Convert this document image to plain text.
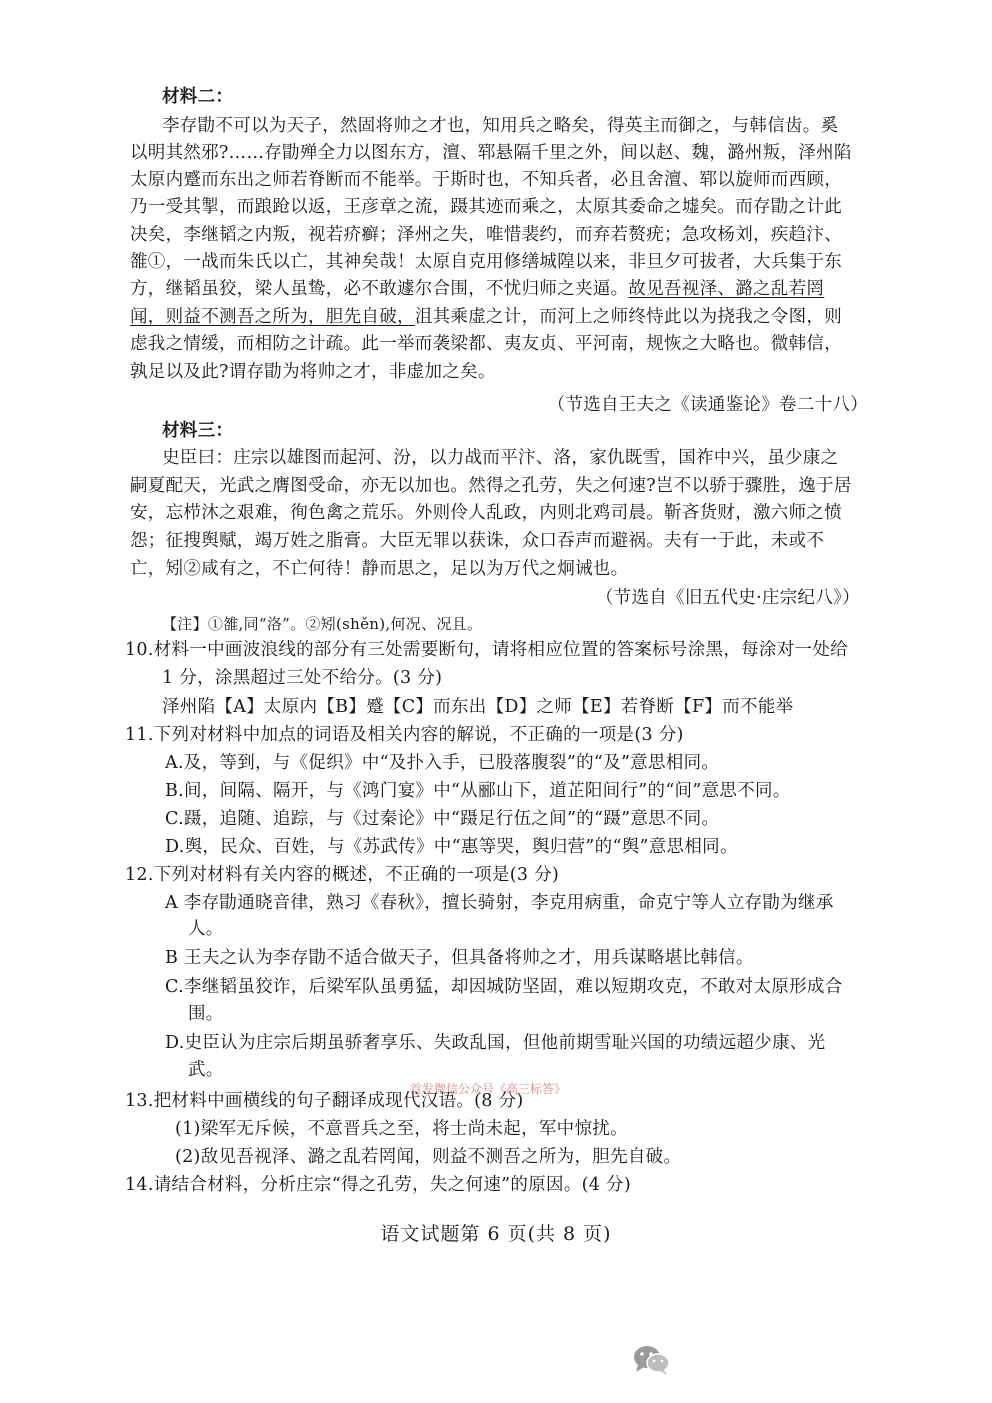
材料二：
李存勖不可以为天子，然固将帅之才也，知用兵之略矣，得英主而御之，与韩信齿。奚
以明其然邪?……存勖殚全力以图东方，澶、郓悬隔千里之外，间以赵、魏，潞州叛，泽州陷
太原内蹙而东出之师若脊断而不能举。于斯时也，不知兵者，必且舍澶、郓以旋师而西顾，
乃一受其掣，而踉跄以返，王彦章之流，蹑其迹而乘之，太原其委命之墟矣。而存勖之计此
决矣，李继韬之内叛，视若疥癣；泽州之失，唯惜裴约，而弃若赘疣；急攻杨刘，疾趋汴、
雒①，一战而朱氏以亡，其神矣哉！太原自克用修缮城隍以来，非旦夕可拔者，大兵集于东
方，继韬虽狡，梁人虽鸷，必不敢遽尔合围，不忧归师之夹逼。故见吾视泽、潞之乱若罔
闻，则益不测吾之所为，胆先自破，沮其乘虚之计，而河上之师终恃此以为挠我之令图，则
虑我之情缓，而相防之计疏。此一举而袭梁都、夷友贞、平河南，规恢之大略也。微韩信，
孰足以及此?谓存勖为将帅之才，非虚加之矣。
（节选自王夫之《读通鉴论》卷二十八）
材料三：
史臣曰：庄宗以雄图而起河、汾，以力战而平汴、洛，家仇既雪，国祚中兴，虽少康之
嗣夏配天，光武之膺图受命，亦无以加也。然得之孔劳，失之何速?岂不以骄于骤胜，逸于居
安，忘栉沐之艰难，徇色禽之荒乐。外则伶人乱政，内则北鸡司晨。靳吝货财，激六师之愤
怨；征搜舆赋，竭万姓之脂膏。大臣无罪以获诛，众口吞声而避祸。夫有一于此，未或不
亡，矧②咸有之，不亡何待！静而思之，足以为万代之炯诫也。
（节选自《旧五代史·庄宗纪八》）
【注】①雒,同“洛”。②矧(shěn),何况、况且。
10.材料一中画波浪线的部分有三处需要断句，请将相应位置的答案标号涂黑，每涂对一处给
1 分，涂黑超过三处不给分。(3 分)
泽州陷【A】太原内【B】蹙【C】而东出【D】之师【E】若脊断【F】而不能举
11.下列对材料中加点的词语及相关内容的解说，不正确的一项是(3 分)
A.及，等到，与《促织》中“及扑入手，已股落腹裂”的“及”意思相同。
B.间，间隔、隔开，与《鸿门宴》中“从郦山下，道芷阳间行”的“间”意思不同。
C.蹑，追随、追踪，与《过秦论》中“蹑足行伍之间”的“蹑”意思不同。
D.舆，民众、百姓，与《苏武传》中“惠等哭，舆归营”的“舆”意思相同。
12.下列对材料有关内容的概述，不正确的一项是(3 分)
A 李存勖通晓音律，熟习《春秋》，擅长骑射，李克用病重，命克宁等人立存勖为继承
人。
B 王夫之认为李存勖不适合做天子，但具备将帅之才，用兵谋略堪比韩信。
C.李继韬虽狡诈，后梁军队虽勇猛，却因城防坚固，难以短期攻克，不敢对太原形成合
围。
D.史臣认为庄宗后期虽骄奢享乐、失政乱国，但他前期雪耻兴国的功绩远超少康、光
武。
首发微信公众号《高三标答》
13.把材料中画横线的句子翻译成现代汉语。(8 分)
(1)梁军无斥候，不意晋兵之至，将士尚未起，军中惊扰。
(2)敌见吾视泽、潞之乱若罔闻，则益不测吾之所为，胆先自破。
14.请结合材料，分析庄宗“得之孔劳，失之何速”的原因。(4 分)
语文试题第 6 页(共 8 页)
